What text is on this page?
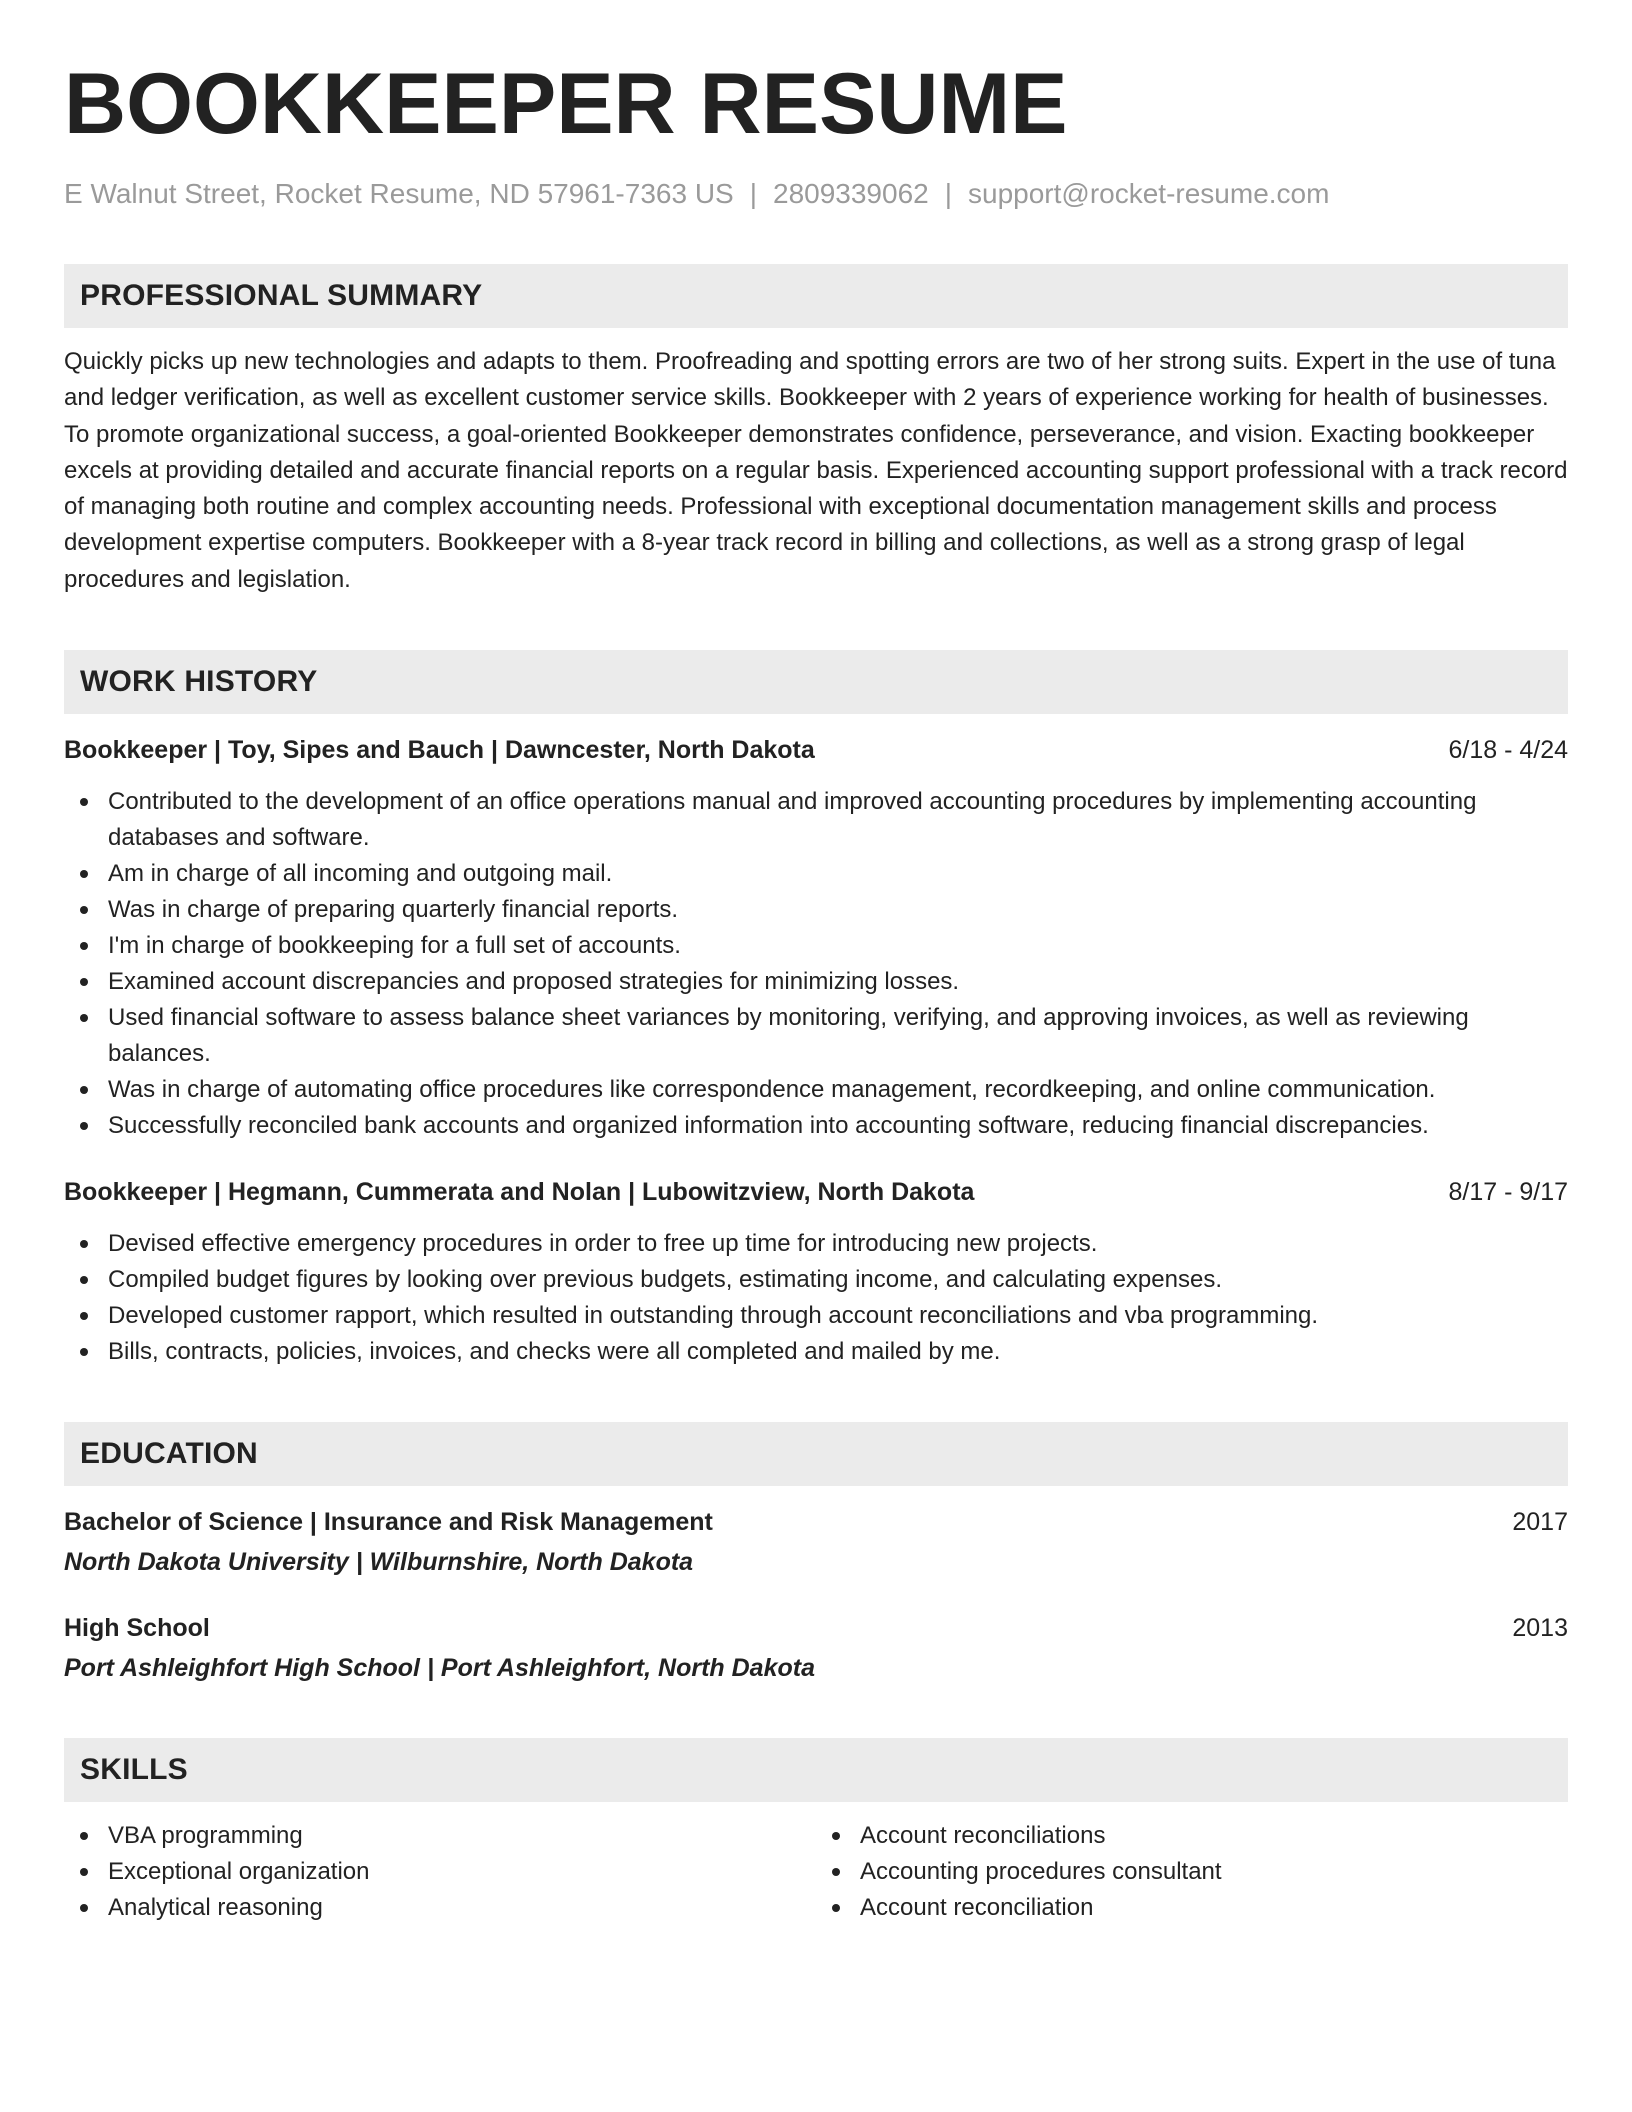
BOOKKEEPER RESUME
E Walnut Street, Rocket Resume, ND 57961-7363 US | 2809339062 | support@rocket-resume.com
PROFESSIONAL SUMMARY
Quickly picks up new technologies and adapts to them. Proofreading and spotting errors are two of her strong suits. Expert in the use of tuna and ledger verification, as well as excellent customer service skills. Bookkeeper with 2 years of experience working for health of businesses. To promote organizational success, a goal-oriented Bookkeeper demonstrates confidence, perseverance, and vision. Exacting bookkeeper excels at providing detailed and accurate financial reports on a regular basis. Experienced accounting support professional with a track record of managing both routine and complex accounting needs. Professional with exceptional documentation management skills and process development expertise computers. Bookkeeper with a 8-year track record in billing and collections, as well as a strong grasp of legal procedures and legislation.
WORK HISTORY
Bookkeeper | Toy, Sipes and Bauch | Dawncester, North Dakota	6/18 - 4/24
Contributed to the development of an office operations manual and improved accounting procedures by implementing accounting databases and software.
Am in charge of all incoming and outgoing mail.
Was in charge of preparing quarterly financial reports.
I'm in charge of bookkeeping for a full set of accounts.
Examined account discrepancies and proposed strategies for minimizing losses.
Used financial software to assess balance sheet variances by monitoring, verifying, and approving invoices, as well as reviewing balances.
Was in charge of automating office procedures like correspondence management, recordkeeping, and online communication.
Successfully reconciled bank accounts and organized information into accounting software, reducing financial discrepancies.
Bookkeeper | Hegmann, Cummerata and Nolan | Lubowitzview, North Dakota	8/17 - 9/17
Devised effective emergency procedures in order to free up time for introducing new projects.
Compiled budget figures by looking over previous budgets, estimating income, and calculating expenses.
Developed customer rapport, which resulted in outstanding through account reconciliations and vba programming.
Bills, contracts, policies, invoices, and checks were all completed and mailed by me.
EDUCATION
Bachelor of Science | Insurance and Risk Management	2017
North Dakota University | Wilburnshire, North Dakota
High School	2013
Port Ashleighfort High School | Port Ashleighfort, North Dakota
SKILLS
VBA programming
Exceptional organization
Analytical reasoning
Account reconciliations
Accounting procedures consultant
Account reconciliation
